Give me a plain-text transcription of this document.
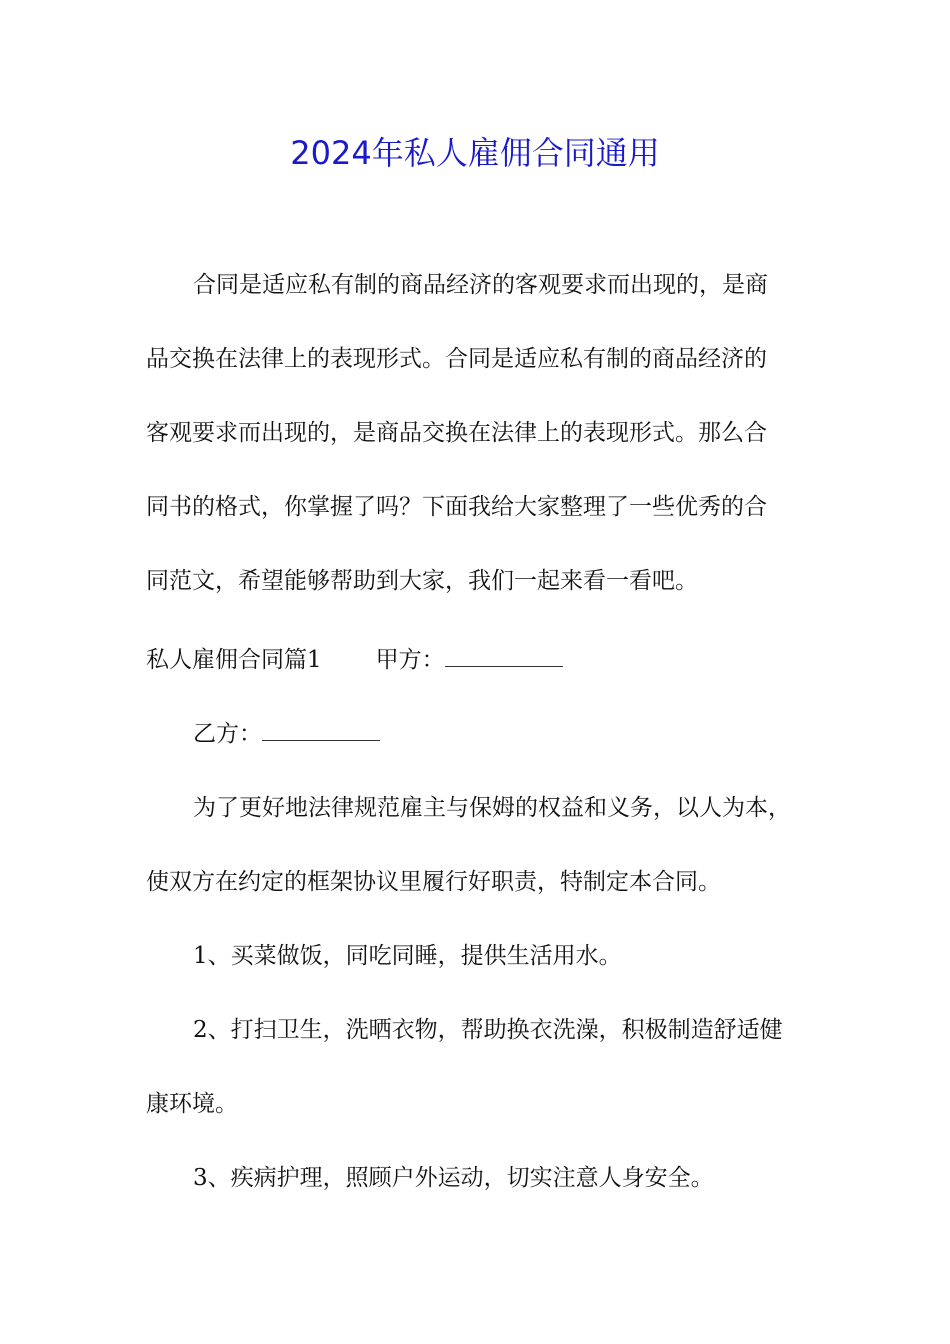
2024年私人雇佣合同通用
合同是适应私有制的商品经济的客观要求而出现的，是商
品交换在法律上的表现形式。合同是适应私有制的商品经济的
客观要求而出现的，是商品交换在法律上的表现形式。那么合
同书的格式，你掌握了吗？下面我给大家整理了一些优秀的合
同范文，希望能够帮助到大家，我们一起来看一看吧。
私人雇佣合同篇1 甲方：
乙方：
为了更好地法律规范雇主与保姆的权益和义务，以人为本，
使双方在约定的框架协议里履行好职责，特制定本合同。
1、买菜做饭，同吃同睡，提供生活用水。
2、打扫卫生，洗晒衣物，帮助换衣洗澡，积极制造舒适健
康环境。
3、疾病护理，照顾户外运动，切实注意人身安全。
